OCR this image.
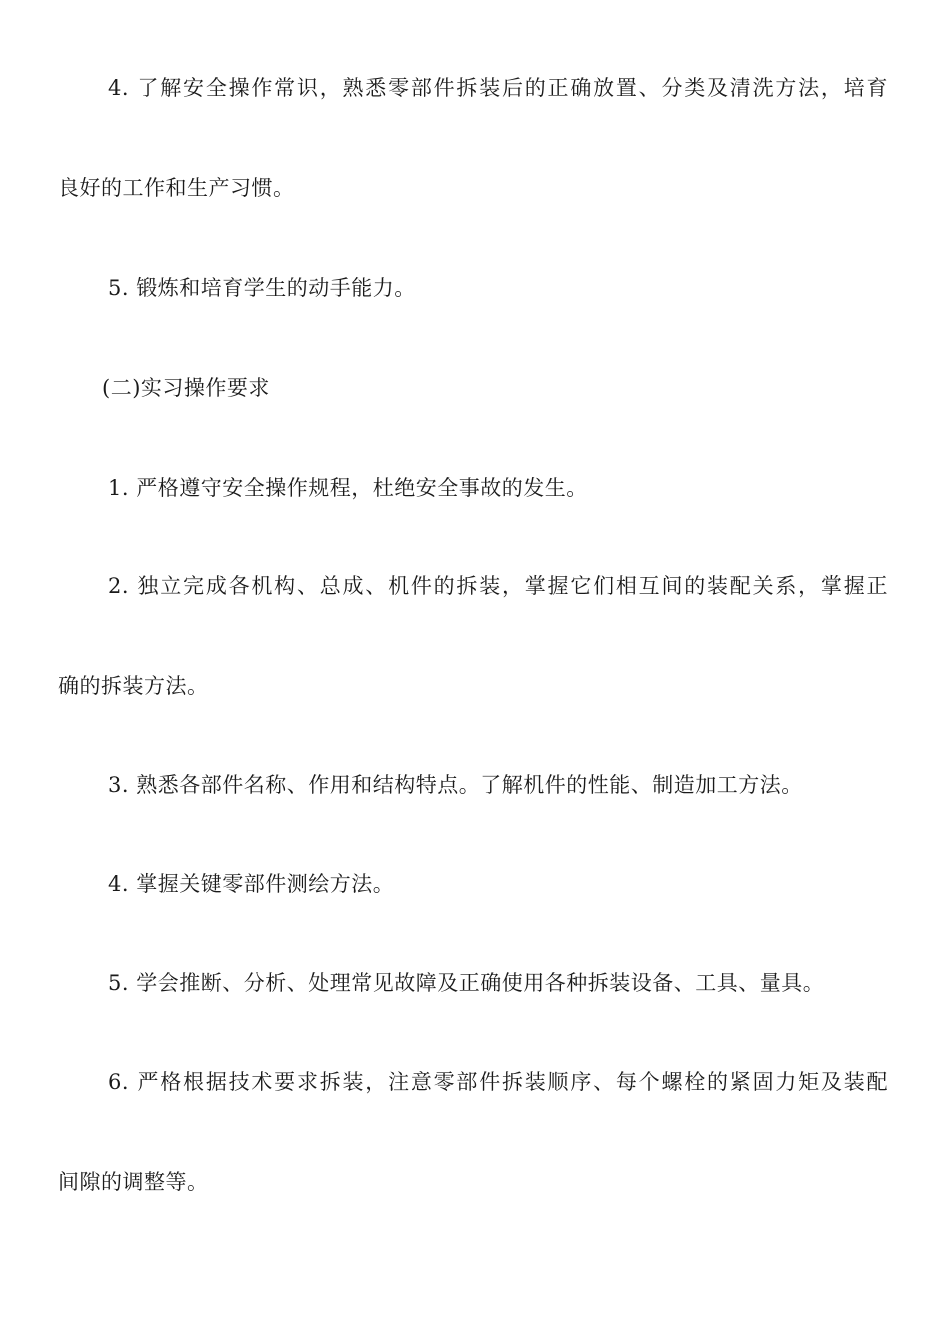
4. 了解安全操作常识，熟悉零部件拆装后的正确放置、分类及清洗方法，培育
良好的工作和生产习惯。
5. 锻炼和培育学生的动手能力。
(二)实习操作要求
1. 严格遵守安全操作规程，杜绝安全事故的发生。
2. 独立完成各机构、总成、机件的拆装，掌握它们相互间的装配关系，掌握正
确的拆装方法。
3. 熟悉各部件名称、作用和结构特点。了解机件的性能、制造加工方法。
4. 掌握关键零部件测绘方法。
5. 学会推断、分析、处理常见故障及正确使用各种拆装设备、工具、量具。
6. 严格根据技术要求拆装，注意零部件拆装顺序、每个螺栓的紧固力矩及装配
间隙的调整等。
